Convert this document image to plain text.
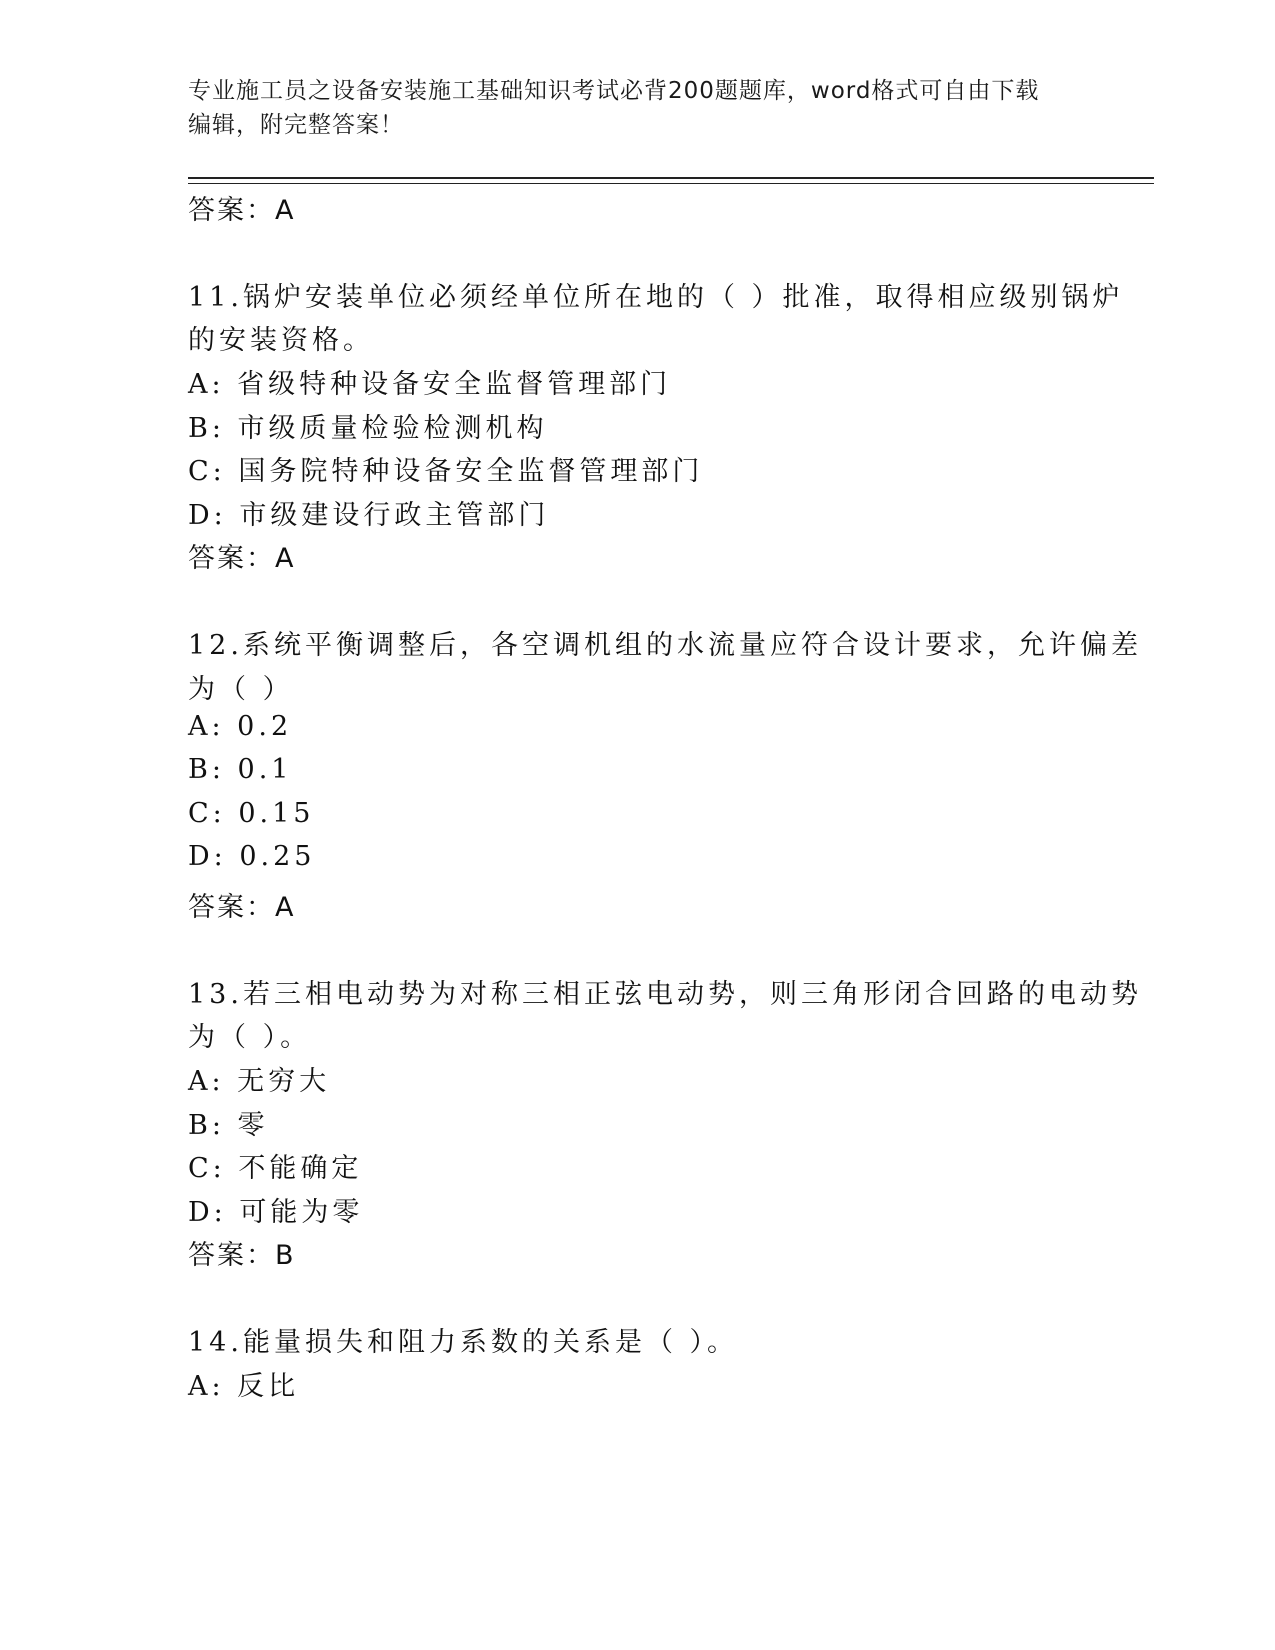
专业施工员之设备安装施工基础知识考试必背200题题库，word格式可自由下载
编辑，附完整答案！
答案：A
11.锅炉安装单位必须经单位所在地的（ ）批准，取得相应级别锅炉
的安装资格。
A: 省级特种设备安全监督管理部门
B: 市级质量检验检测机构
C: 国务院特种设备安全监督管理部门
D: 市级建设行政主管部门
答案：A
12.系统平衡调整后，各空调机组的水流量应符合设计要求，允许偏差
为（ ）
A: 0.2
B: 0.1
C: 0.15
D: 0.25
答案：A
13.若三相电动势为对称三相正弦电动势，则三角形闭合回路的电动势
为（ ）。
A: 无穷大
B: 零
C: 不能确定
D: 可能为零
答案：B
14.能量损失和阻力系数的关系是（ ）。
A: 反比
